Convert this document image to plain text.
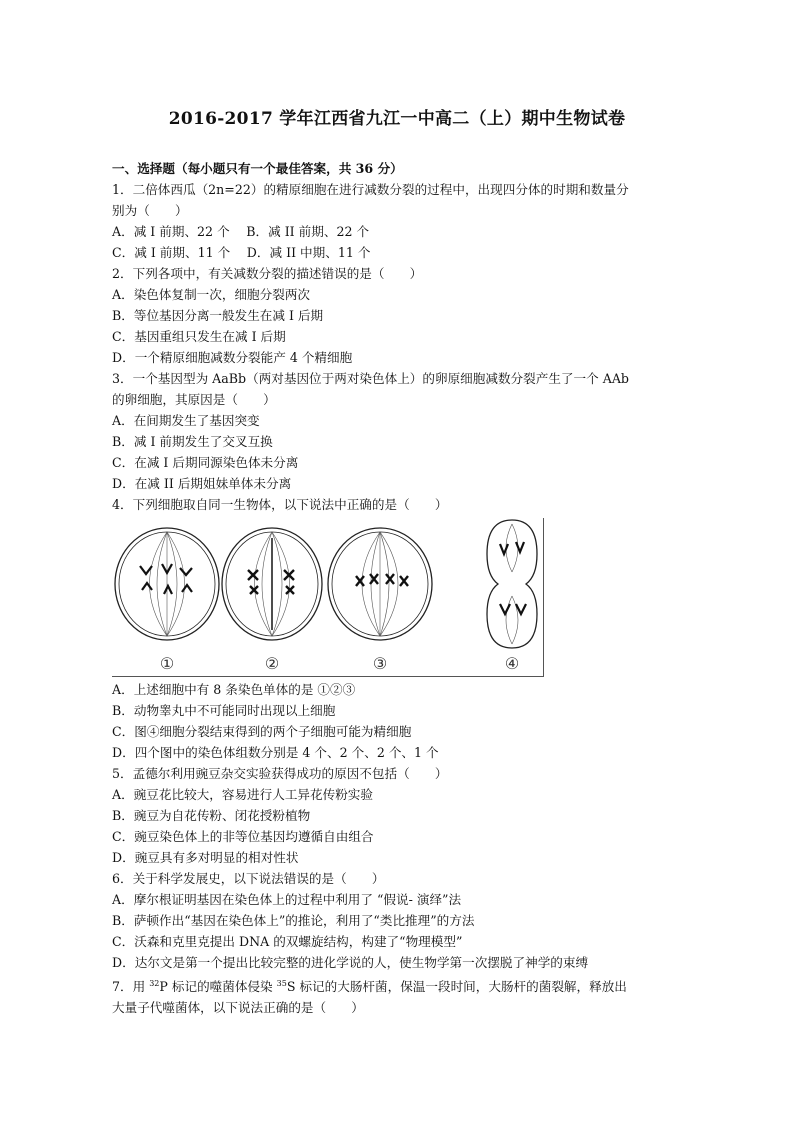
2016-2017 学年江西省九江一中高二（上）期中生物试卷
一、选择题（每小题只有一个最佳答案，共 36 分）
1．二倍体西瓜（2n=22）的精原细胞在进行减数分裂的过程中，出现四分体的时期和数量分
别为（　　）
A．减 I 前期、22 个　 B．减 II 前期、22 个
C．减 I 前期、11 个　 D．减 II 中期、11 个
2．下列各项中，有关减数分裂的描述错误的是（　　）
A．染色体复制一次，细胞分裂两次
B．等位基因分离一般发生在减 I 后期
C．基因重组只发生在减 I 后期
D．一个精原细胞减数分裂能产 4 个精细胞
3．一个基因型为 AaBb（两对基因位于两对染色体上）的卵原细胞减数分裂产生了一个 AAb
的卵细胞，其原因是（　　）
A．在间期发生了基因突变
B．减 I 前期发生了交叉互换
C．在减 I 后期同源染色体未分离
D．在减 II 后期姐妹单体未分离
4．下列细胞取自同一生物体，以下说法中正确的是（　　）
①	②	③	④
A．上述细胞中有 8 条染色单体的是 ①②③
B．动物睾丸中不可能同时出现以上细胞
C．图④细胞分裂结束得到的两个子细胞可能为精细胞
D．四个图中的染色体组数分别是 4 个、2 个、2 个、1 个
5．孟德尔利用豌豆杂交实验获得成功的原因不包括（　　）
A．豌豆花比较大，容易进行人工异花传粉实验
B．豌豆为自花传粉、闭花授粉植物
C．豌豆染色体上的非等位基因均遵循自由组合
D．豌豆具有多对明显的相对性状
6．关于科学发展史，以下说法错误的是（　　）
A．摩尔根证明基因在染色体上的过程中利用了 “假说- 演绎”法
B．萨顿作出“基因在染色体上”的推论，利用了“类比推理”的方法
C．沃森和克里克提出 DNA 的双螺旋结构，构建了“物理模型”
D．达尔文是第一个提出比较完整的进化学说的人，使生物学第一次摆脱了神学的束缚
7．用 $^{32}$P 标记的噬菌体侵染 $^{35}$S 标记的大肠杆菌，保温一段时间，大肠杆的菌裂解，释放出
大量子代噬菌体，以下说法正确的是（　　）
